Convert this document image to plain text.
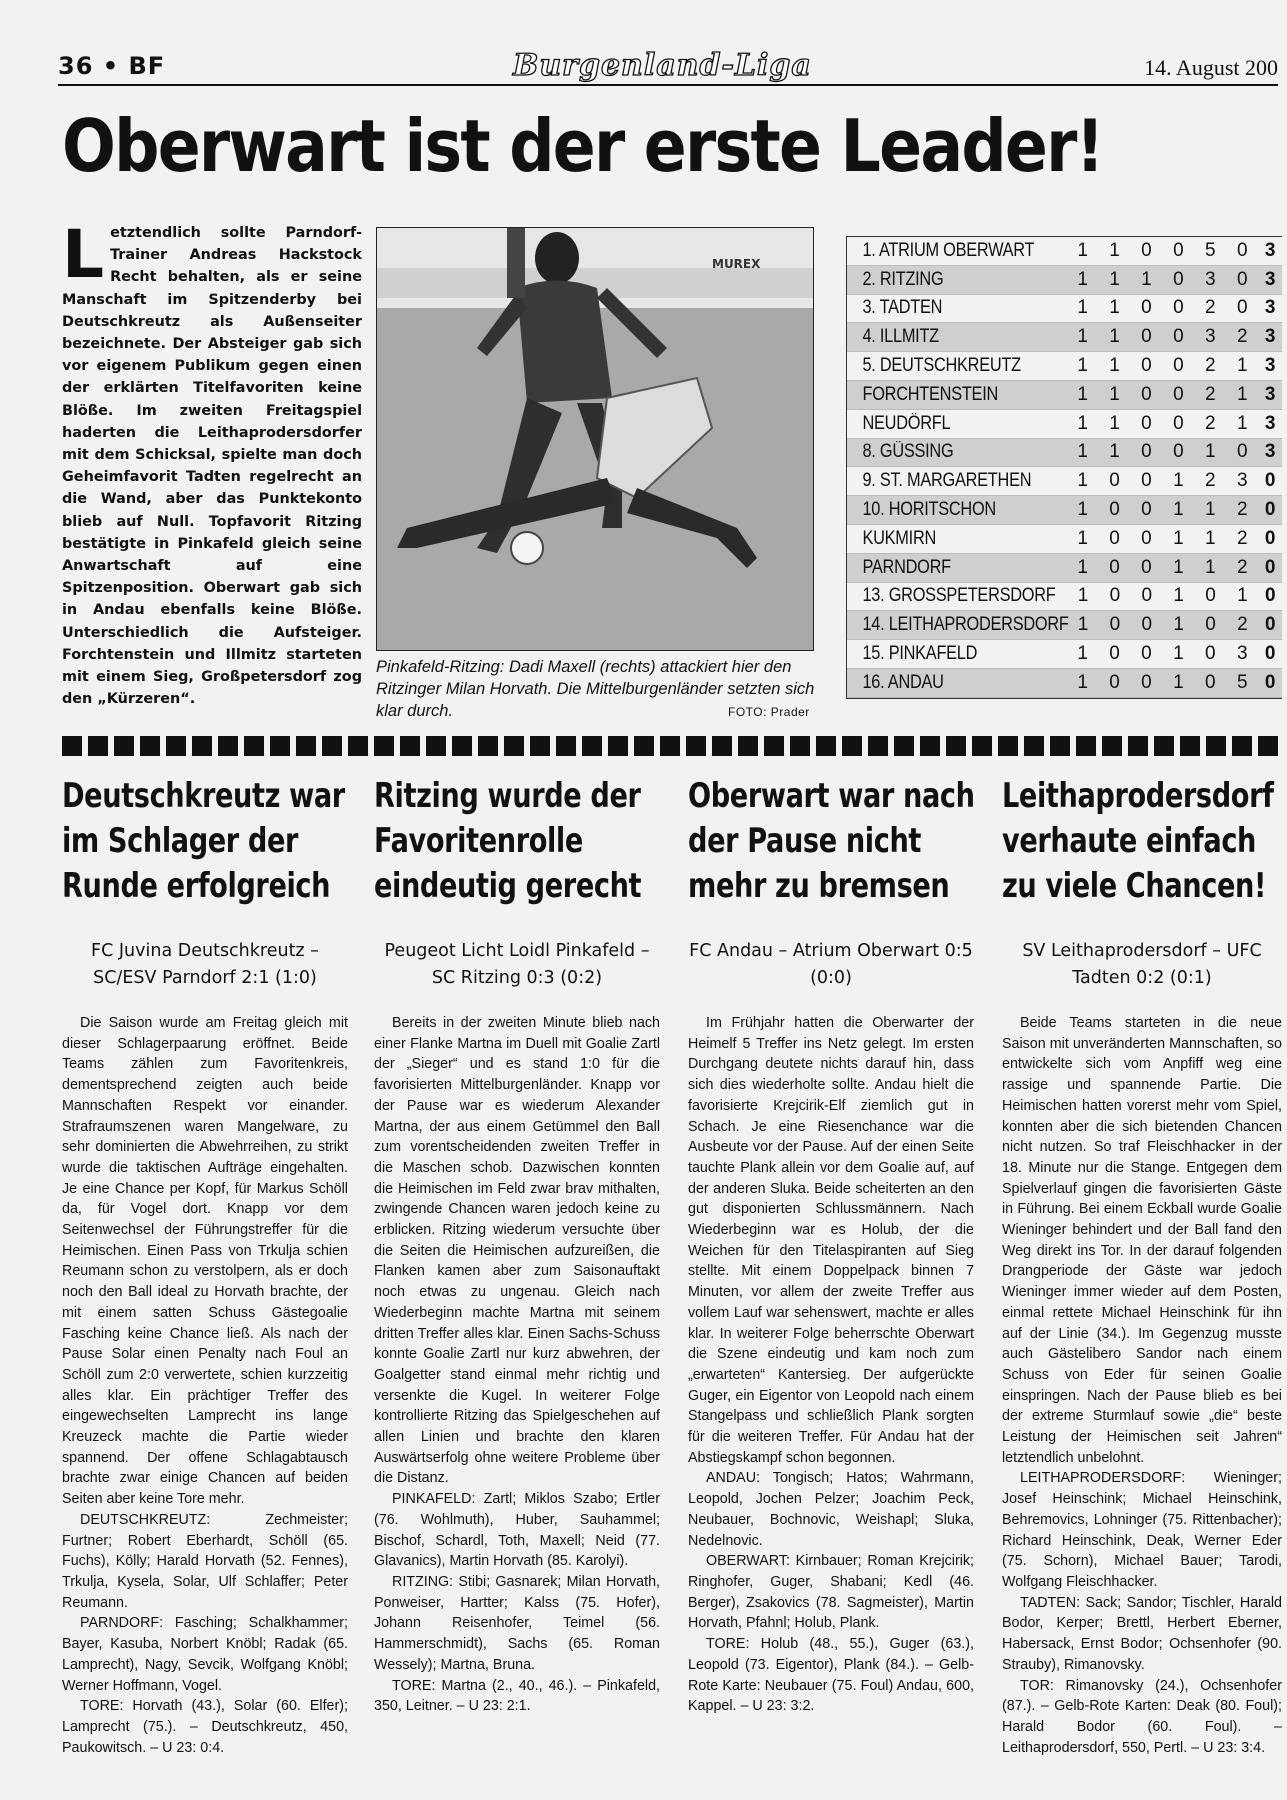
36 • BF	Burgenland-Liga	14. August 200
Oberwart ist der erste Leader!
Letztendlich sollte Parndorf-Trainer Andreas Hackstock Recht behalten, als er seine Manschaft im Spitzenderby bei Deutschkreutz als Außenseiter bezeichnete. Der Absteiger gab sich vor eigenem Publikum gegen einen der erklärten Titelfavoriten keine Blöße. Im zweiten Freitagspiel haderten die Leithaprodersdorfer mit dem Schicksal, spielte man doch Geheimfavorit Tadten regelrecht an die Wand, aber das Punktekonto blieb auf Null. Topfavorit Ritzing bestätigte in Pinkafeld gleich seine Anwartschaft auf eine Spitzenposition. Oberwart gab sich in Andau ebenfalls keine Blöße. Unterschiedlich die Aufsteiger. Forchtenstein und Illmitz starteten mit einem Sieg, Großpetersdorf zog den „Kürzeren“.
MUREX
Pinkafeld-Ritzing: Dadi Maxell (rechts) attackiert hier den Ritzinger Milan Horvath. Die Mittelburgenländer setzten sich klar durch.	FOTO: Prader
1. ATRIUM OBERWART	1	1	0	0	5	0 3
2. RITZING	1	1	1	0	3	0 3
3. TADTEN	1	1	0	0	2	0 3
4. ILLMITZ	1	1	0	0	3	2 3
5. DEUTSCHKREUTZ	1	1	0	0	2	1 3
FORCHTENSTEIN	1	1	0	0	2	1 3
NEUDÖRFL	1	1	0	0	2	1 3
8. GÜSSING	1	1	0	0	1	0 3
9. ST. MARGARETHEN	1	0	0	1	2	3 0
10. HORITSCHON	1	0	0	1	1	2 0
KUKMIRN	1	0	0	1	1	2 0
PARNDORF	1	0	0	1	1	2 0
13. GROSSPETERSDORF	1	0	0	1	0	1 0
14. LEITHAPRODERSDORF 1	0	0	1	0	2 0
15. PINKAFELD	1	0	0	1	0	3 0
16. ANDAU	1	0	0	1	0	5 0
Deutschkreutz war im Schlager der Runde erfolgreich
FC Juvina Deutschkreutz – SC/ESV Parndorf 2:1 (1:0)

Die Saison wurde am Freitag gleich mit dieser Schlagerpaarung eröffnet. Beide Teams zählen zum Favoritenkreis, dementsprechend zeigten auch beide Mannschaften Respekt vor einander. Strafraumszenen waren Mangelware, zu sehr dominierten die Abwehrreihen, zu strikt wurde die taktischen Aufträge eingehalten. Je eine Chance per Kopf, für Markus Schöll da, für Vogel dort. Knapp vor dem Seitenwechsel der Führungstreffer für die Heimischen. Einen Pass von Trkulja schien Reumann schon zu verstolpern, als er doch noch den Ball ideal zu Horvath brachte, der mit einem satten Schuss Gästegoalie Fasching keine Chance ließ. Als nach der Pause Solar einen Penalty nach Foul an Schöll zum 2:0 verwertete, schien kurzzeitig alles klar. Ein prächtiger Treffer des eingewechselten Lamprecht ins lange Kreuzeck machte die Partie wieder spannend. Der offene Schlagabtausch brachte zwar einige Chancen auf beiden Seiten aber keine Tore mehr.

DEUTSCHKREUTZ: Zechmeister; Furtner; Robert Eberhardt, Schöll (65. Fuchs), Kölly; Harald Horvath (52. Fennes), Trkulja, Kysela, Solar, Ulf Schlaffer; Peter Reumann.

PARNDORF: Fasching; Schalkhammer; Bayer, Kasuba, Norbert Knöbl; Radak (65. Lamprecht), Nagy, Sevcik, Wolfgang Knöbl; Werner Hoffmann, Vogel.

TORE: Horvath (43.), Solar (60. Elfer); Lamprecht (75.). – Deutschkreutz, 450, Paukowitsch. – U 23: 0:4.

Ritzing wurde der Favoritenrolle eindeutig gerecht
Peugeot Licht Loidl Pinkafeld – SC Ritzing 0:3 (0:2)

Bereits in der zweiten Minute blieb nach einer Flanke Martna im Duell mit Goalie Zartl der „Sieger“ und es stand 1:0 für die favorisierten Mittelburgenländer. Knapp vor der Pause war es wiederum Alexander Martna, der aus einem Getümmel den Ball zum vorentscheidenden zweiten Treffer in die Maschen schob. Dazwischen konnten die Heimischen im Feld zwar brav mithalten, zwingende Chancen waren jedoch keine zu erblicken. Ritzing wiederum versuchte über die Seiten die Heimischen aufzureißen, die Flanken kamen aber zum Saisonauftakt noch etwas zu ungenau. Gleich nach Wiederbeginn machte Martna mit seinem dritten Treffer alles klar. Einen Sachs-Schuss konnte Goalie Zartl nur kurz abwehren, der Goalgetter stand einmal mehr richtig und versenkte die Kugel. In weiterer Folge kontrollierte Ritzing das Spielgeschehen auf allen Linien und brachte den klaren Auswärtserfolg ohne weitere Probleme über die Distanz.

PINKAFELD: Zartl; Miklos Szabo; Ertler (76. Wohlmuth), Huber, Sauhammel; Bischof, Schardl, Toth, Maxell; Neid (77. Glavanics), Martin Horvath (85. Karolyi).

RITZING: Stibi; Gasnarek; Milan Horvath, Ponweiser, Hartter; Kalss (75. Hofer), Johann Reisenhofer, Teimel (56. Hammerschmidt), Sachs (65. Roman Wessely); Martna, Bruna.

TORE: Martna (2., 40., 46.). – Pinkafeld, 350, Leitner. – U 23: 2:1.

Oberwart war nach der Pause nicht mehr zu bremsen
FC Andau – Atrium Oberwart 0:5 (0:0)

Im Frühjahr hatten die Oberwarter der Heimelf 5 Treffer ins Netz gelegt. Im ersten Durchgang deutete nichts darauf hin, dass sich dies wiederholte sollte. Andau hielt die favorisierte Krejcirik-Elf ziemlich gut in Schach. Je eine Riesenchance war die Ausbeute vor der Pause. Auf der einen Seite tauchte Plank allein vor dem Goalie auf, auf der anderen Sluka. Beide scheiterten an den gut disponierten Schlussmännern. Nach Wiederbeginn war es Holub, der die Weichen für den Titelaspiranten auf Sieg stellte. Mit einem Doppelpack binnen 7 Minuten, vor allem der zweite Treffer aus vollem Lauf war sehenswert, machte er alles klar. In weiterer Folge beherrschte Oberwart die Szene eindeutig und kam noch zum „erwarteten“ Kantersieg. Der aufgerückte Guger, ein Eigentor von Leopold nach einem Stangelpass und schließlich Plank sorgten für die weiteren Treffer. Für Andau hat der Abstiegskampf schon begonnen.

ANDAU: Tongisch; Hatos; Wahrmann, Leopold, Jochen Pelzer; Joachim Peck, Neubauer, Bochnovic, Weishapl; Sluka, Nedelnovic.

OBERWART: Kirnbauer; Roman Krejcirik; Ringhofer, Guger, Shabani; Kedl (46. Berger), Zsakovics (78. Sagmeister), Martin Horvath, Pfahnl; Holub, Plank.

TORE: Holub (48., 55.), Guger (63.), Leopold (73. Eigentor), Plank (84.). – Gelb-Rote Karte: Neubauer (75. Foul) Andau, 600, Kappel. – U 23: 3:2.

Leithaprodersdorf verhaute einfach zu viele Chancen!
SV Leithaprodersdorf – UFC Tadten 0:2 (0:1)

Beide Teams starteten in die neue Saison mit unveränderten Mannschaften, so entwickelte sich vom Anpfiff weg eine rassige und spannende Partie. Die Heimischen hatten vorerst mehr vom Spiel, konnten aber die sich bietenden Chancen nicht nutzen. So traf Fleischhacker in der 18. Minute nur die Stange. Entgegen dem Spielverlauf gingen die favorisierten Gäste in Führung. Bei einem Eckball wurde Goalie Wieninger behindert und der Ball fand den Weg direkt ins Tor. In der darauf folgenden Drangperiode der Gäste war jedoch Wieninger immer wieder auf dem Posten, einmal rettete Michael Heinschink für ihn auf der Linie (34.). Im Gegenzug musste auch Gästelibero Sandor nach einem Schuss von Eder für seinen Goalie einspringen. Nach der Pause blieb es bei der extreme Sturmlauf sowie „die“ beste Leistung der Heimischen seit Jahren“ letztendlich unbelohnt.

LEITHAPRODERSDORF: Wieninger; Josef Heinschink; Michael Heinschink, Behremovics, Lohninger (75. Rittenbacher); Richard Heinschink, Deak, Werner Eder (75. Schorn), Michael Bauer; Tarodi, Wolfgang Fleischhacker.

TADTEN: Sack; Sandor; Tischler, Harald Bodor, Kerper; Brettl, Herbert Eberner, Habersack, Ernst Bodor; Ochsenhofer (90. Strauby), Rimanovsky.

TOR: Rimanovsky (24.), Ochsenhofer (87.). – Gelb-Rote Karten: Deak (80. Foul); Harald Bodor (60. Foul). – Leithaprodersdorf, 550, Pertl. – U 23: 3:4.
